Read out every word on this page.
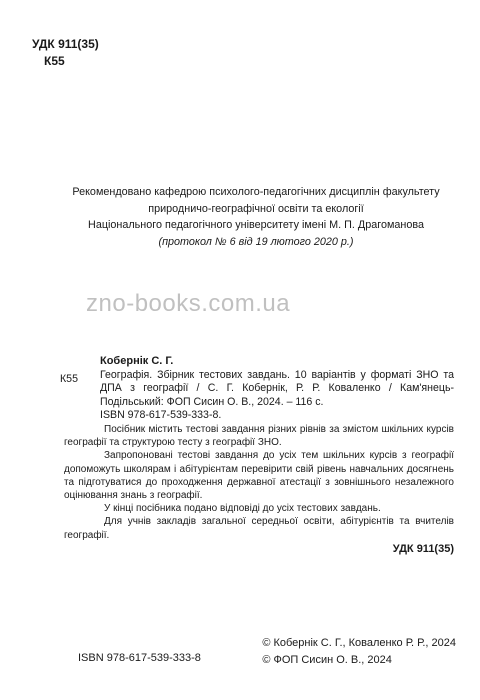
УДК 911(35)
К55
Рекомендовано кафедрою психолого-педагогічних дисциплін факультету
природничо-географічної освіти та екології
Національного педагогічного університету імені М. П. Драгоманова
(протокол № 6 від 19 лютого 2020 р.)
zno-books.com.ua
К55
Кобернік С. Г.
Географія. Збірник тестових завдань. 10 варіантів у форматі ЗНО та ДПА з географії / С. Г. Кобернік, Р. Р. Коваленко / Кам'янець-Подільський: ФОП Сисин О. В., 2024. – 116 с.
ISBN 978-617-539-333-8.
Посібник містить тестові завдання різних рівнів за змістом шкільних курсів географії та структурою тесту з географії ЗНО.
Запропоновані тестові завдання до усіх тем шкільних курсів з географії допоможуть школярам і абітурієнтам перевірити свій рівень навчальних досягнень та підготуватися до проходження державної атестації з зовнішнього незалежного оцінювання знань з географії.
У кінці посібника подано відповіді до усіх тестових завдань.
Для учнів закладів загальної середньої освіти, абітурієнтів та вчителів географії.
УДК 911(35)
ISBN 978-617-539-333-8
© Кобернік С. Г., Коваленко Р. Р., 2024
© ФОП Сисин О. В., 2024
